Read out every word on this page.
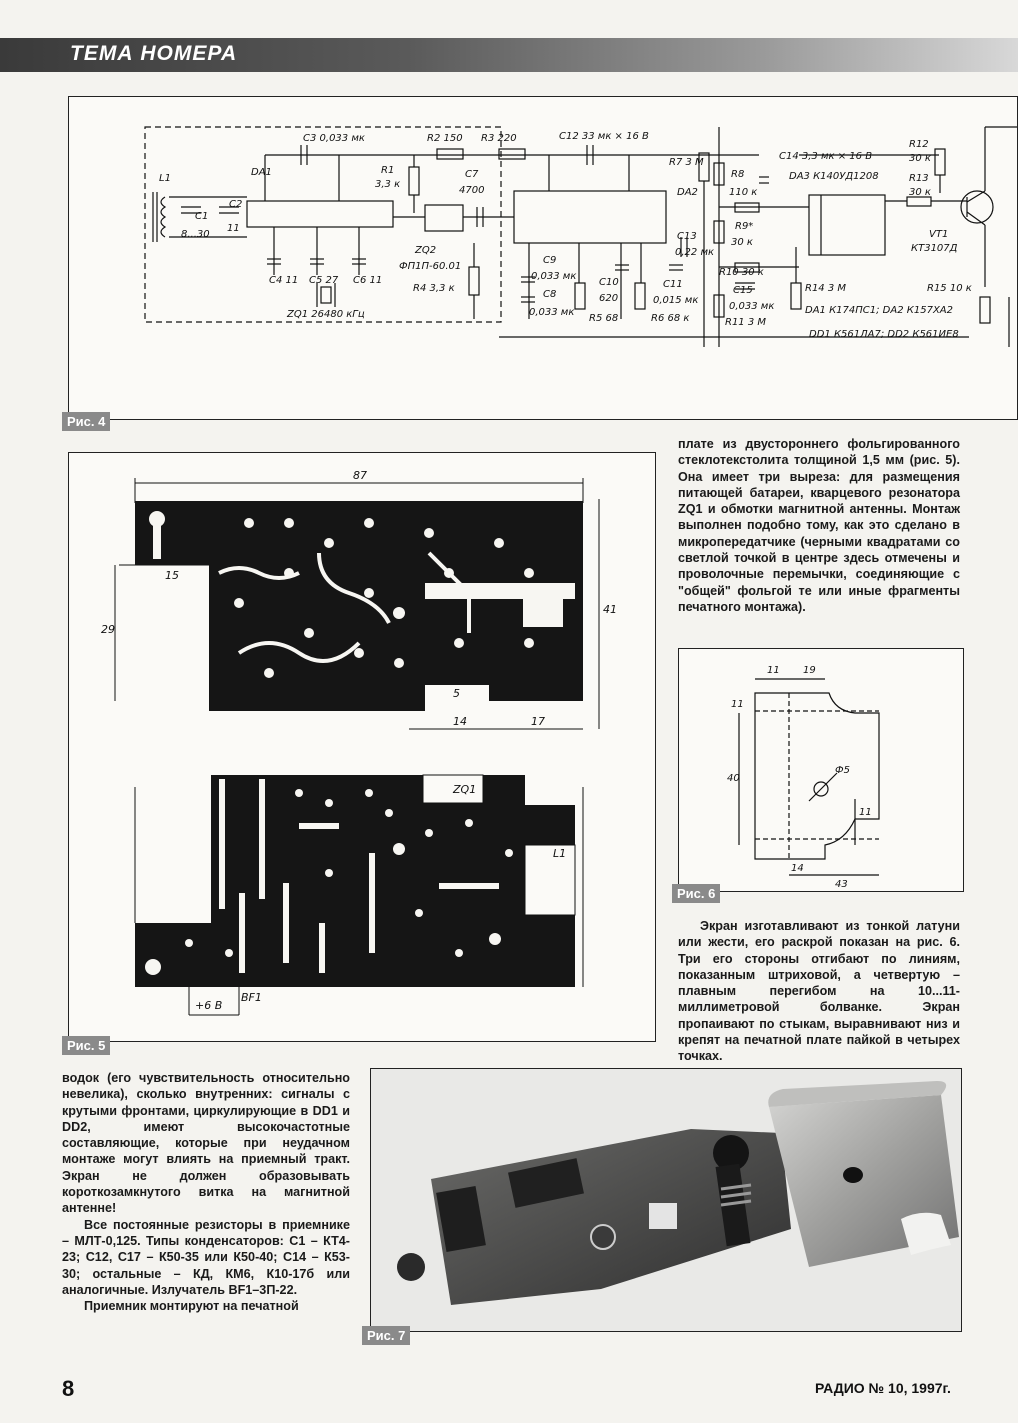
ТЕМА НОМЕРА
C3 0,033 мк	R2 150 R3 220	C12 33 мк × 16 В
R7 3 М
C14 3,3 мк × 16 В
DA3 К140УД1208
R12
30 к
R13
30 к
DA1	R1
3,3 к
C7
4700
L1
C1
8...30
C2
11
DA2
R8
110 к
R9*
30 к
VT1
КТ3107Д
ZQ2
ФП1П-60.01
C13
0,22 мк
R10 30 к
C4 11 C5 27 C6 11
R4 3,3 к
C9
0,033 мк
C8
0,033 мк
C10
620
C11
0,015 мк
C15
0,033 мк
R5 68	R6 68 к	R11 3 М
R14 3 М	R15 10 к
ZQ1 26480 кГц	DA1 К174ПС1; DA2 К157ХА2
DD1 К561ЛА7; DD2 К561ИЕ8
Рис. 4
87
15
29
41
5
14	17
ZQ1
L1
BF1
+6 В
Рис. 5

плате из двустороннего фольгированного стеклотекстолита толщиной 1,5 мм (рис. 5). Она имеет три выреза: для размещения питающей батареи, кварцевого резонатора ZQ1 и обмотки магнитной антенны. Монтаж выполнен подобно тому, как это сделано в микропередатчике (черными квадратами со светлой точкой в центре здесь отмечены и проволочные перемычки, соединяющие с "общей" фольгой те или иные фрагменты печатного монтажа).

11 19
11
40
Ф5
11
14
43
Рис. 6

Экран изготавливают из тонкой латуни или жести, его раскрой показан на рис. 6. Три его стороны отгибают по линиям, показанным штриховой, а четвертую – плавным перегибом на 10...11-миллиметровой болванке. Экран пропаивают по стыкам, выравнивают низ и крепят на печатной плате пайкой в четырех точках.

водок (его чувствительность относительно невелика), сколько внутренних: сигналы с крутыми фронтами, циркулирующие в DD1 и DD2, имеют высокочастотные составляющие, которые при неудачном монтаже могут влиять на приемный тракт. Экран не должен образовывать короткозамкнутого витка на магнитной антенне!

Все постоянные резисторы в приемнике – МЛТ-0,125. Типы конденсаторов: С1 – КТ4-23; С12, С17 – К50-35 или К50-40; С14 – К53-30; остальные – КД, КМ6, К10-17б или аналогичные. Излучатель BF1–3П-22.

Приемник монтируют на печатной

Рис. 7
8	РАДИО № 10, 1997г.
